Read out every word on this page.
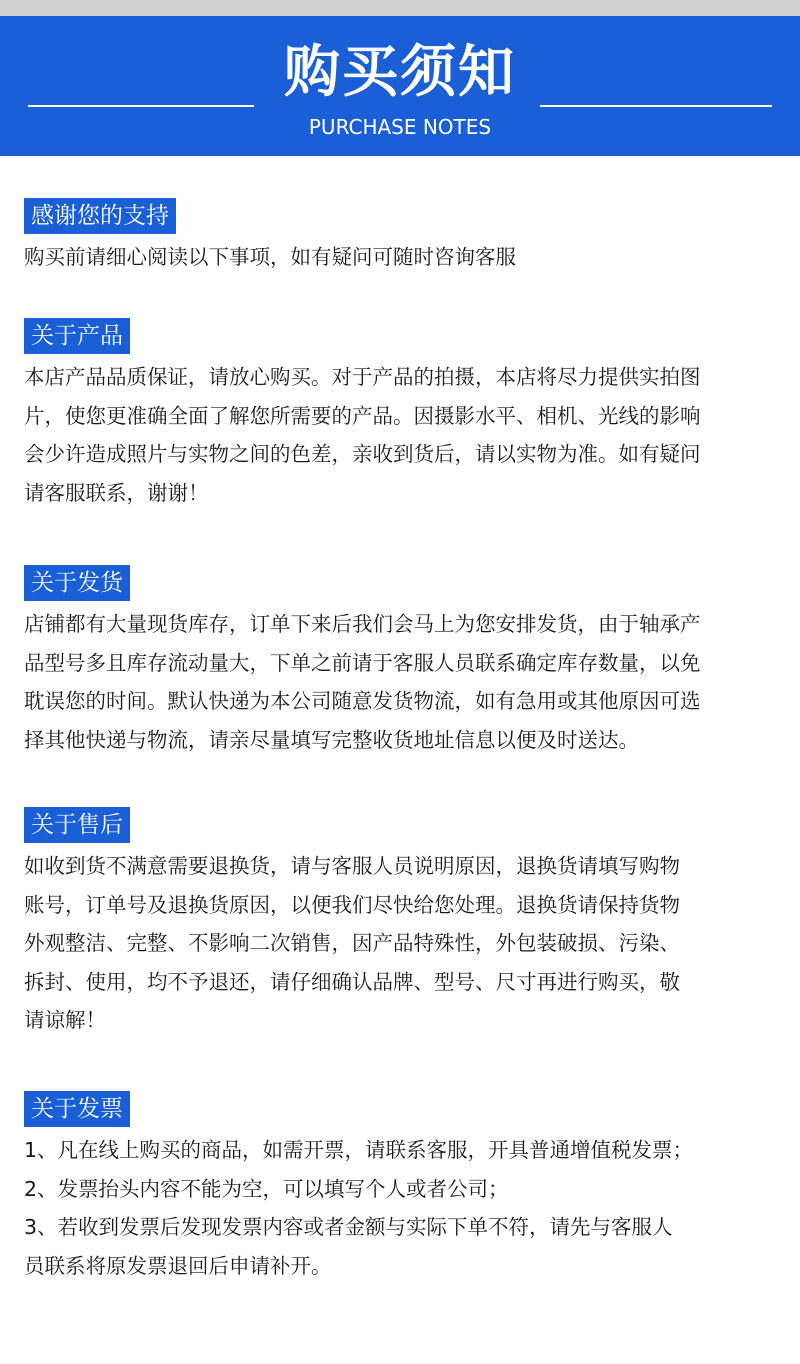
购买须知
PURCHASE NOTES
感谢您的支持
购买前请细心阅读以下事项，如有疑问可随时咨询客服
关于产品
本店产品品质保证，请放心购买。对于产品的拍摄，本店将尽力提供实拍图
片，使您更准确全面了解您所需要的产品。因摄影水平、相机、光线的影响
会少许造成照片与实物之间的色差，亲收到货后，请以实物为准。如有疑问
请客服联系，谢谢！
关于发货
店铺都有大量现货库存，订单下来后我们会马上为您安排发货，由于轴承产
品型号多且库存流动量大，下单之前请于客服人员联系确定库存数量，以免
耽误您的时间。默认快递为本公司随意发货物流，如有急用或其他原因可选
择其他快递与物流，请亲尽量填写完整收货地址信息以便及时送达。
关于售后
如收到货不满意需要退换货，请与客服人员说明原因，退换货请填写购物
账号，订单号及退换货原因，以便我们尽快给您处理。退换货请保持货物
外观整洁、完整、不影响二次销售，因产品特殊性，外包装破损、污染、
拆封、使用，均不予退还，请仔细确认品牌、型号、尺寸再进行购买，敬
请谅解！
关于发票
1、凡在线上购买的商品，如需开票，请联系客服，开具普通增值税发票；
2、发票抬头内容不能为空，可以填写个人或者公司；
3、若收到发票后发现发票内容或者金额与实际下单不符，请先与客服人
员联系将原发票退回后申请补开。
